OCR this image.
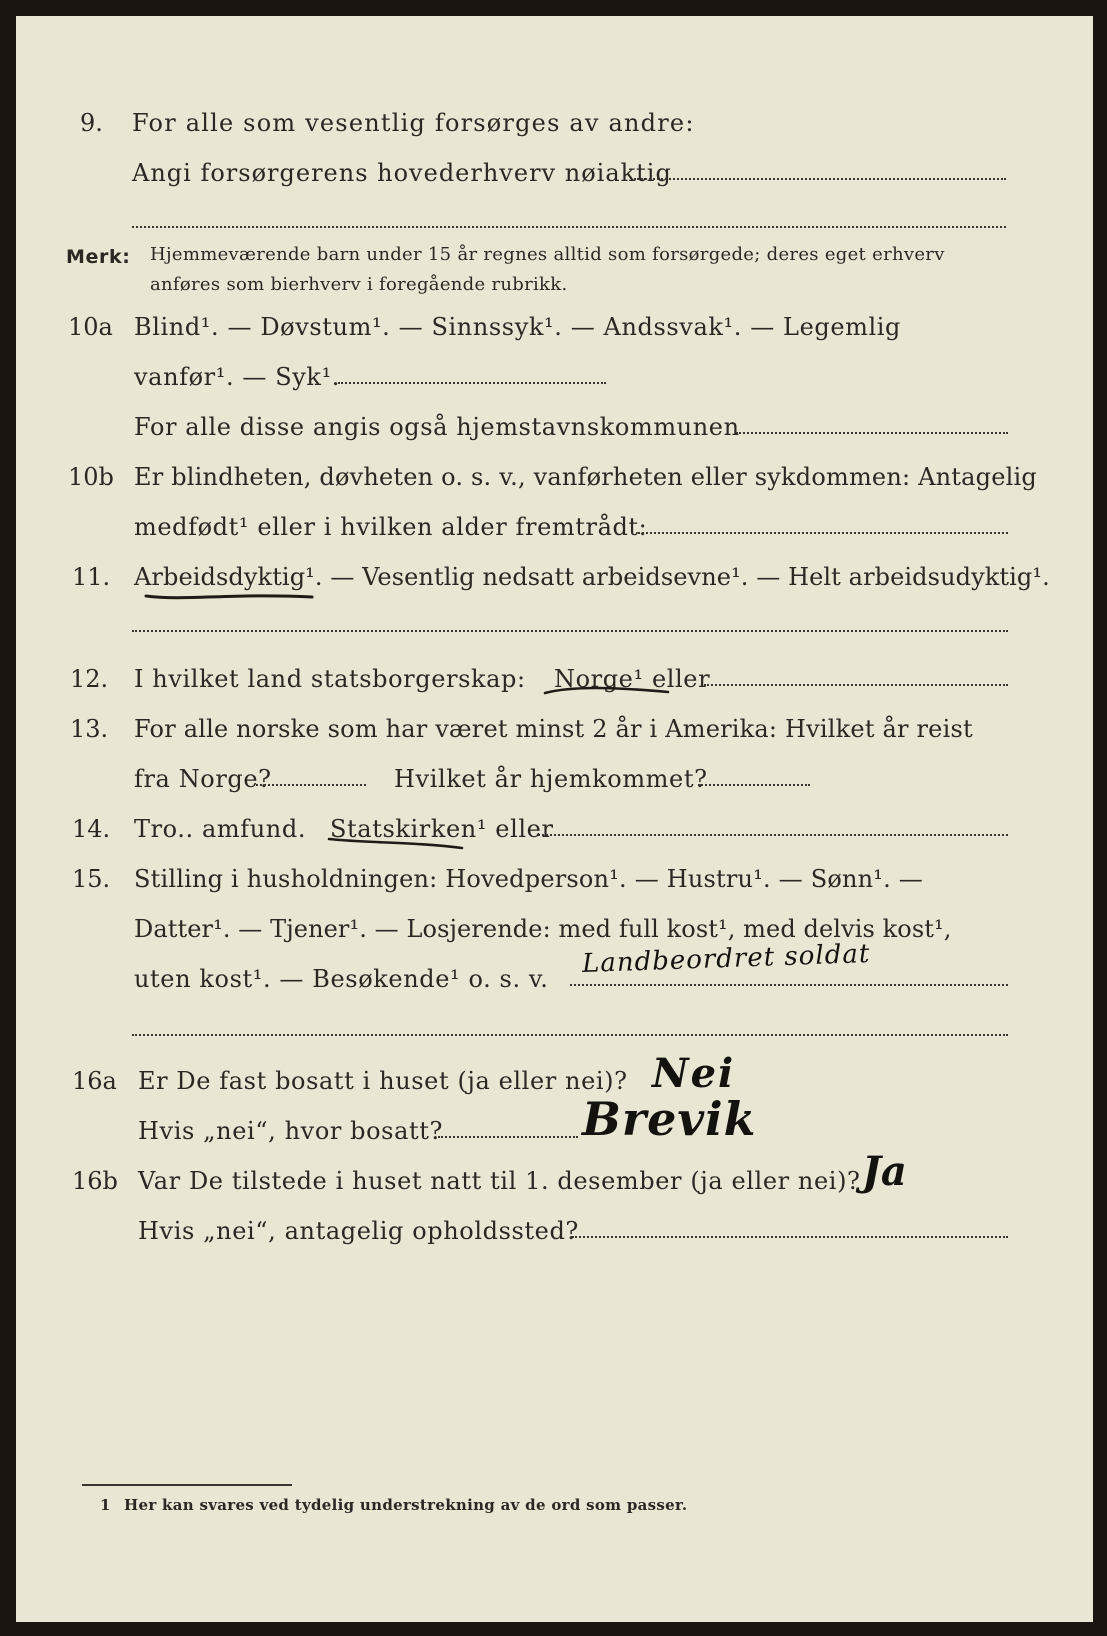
9. For alle som vesentlig forsørges av andre:
Angi forsørgerens hovederhverv nøiaktig
Merk: Hjemmeværende barn under 15 år regnes alltid som forsørgede; deres eget erhverv
anføres som bierhverv i foregående rubrikk.
10a Blind¹. — Døvstum¹. — Sinnssyk¹. — Andssvak¹. — Legemlig
vanfør¹. — Syk¹.
For alle disse angis også hjemstavnskommunen
10b Er blindheten, døvheten o. s. v., vanførheten eller sykdommen: Antagelig
medfødt¹ eller i hvilken alder fremtrådt:
11. Arbeidsdyktig¹. — Vesentlig nedsatt arbeidsevne¹. — Helt arbeidsudyktig¹.
12. I hvilket land statsborgerskap: Norge¹ eller
13. For alle norske som har været minst 2 år i Amerika: Hvilket år reist
fra Norge?	Hvilket år hjemkommet?
14. Tro.. amfund. Statskirken¹ eller
15. Stilling i husholdningen: Hovedperson¹. — Hustru¹. — Sønn¹. —
Datter¹. — Tjener¹. — Losjerende: med full kost¹, med delvis kost¹,
uten kost¹. — Besøkende¹ o. s. v. Landbeordret soldat
16a Er De fast bosatt i huset (ja eller nei)? Nei
Hvis „nei“, hvor bosatt?	Brevik
16b Var De tilstede i huset natt til 1. desember (ja eller nei)? Ja
Hvis „nei“, antagelig opholdssted?
1 Her kan svares ved tydelig understrekning av de ord som passer.
